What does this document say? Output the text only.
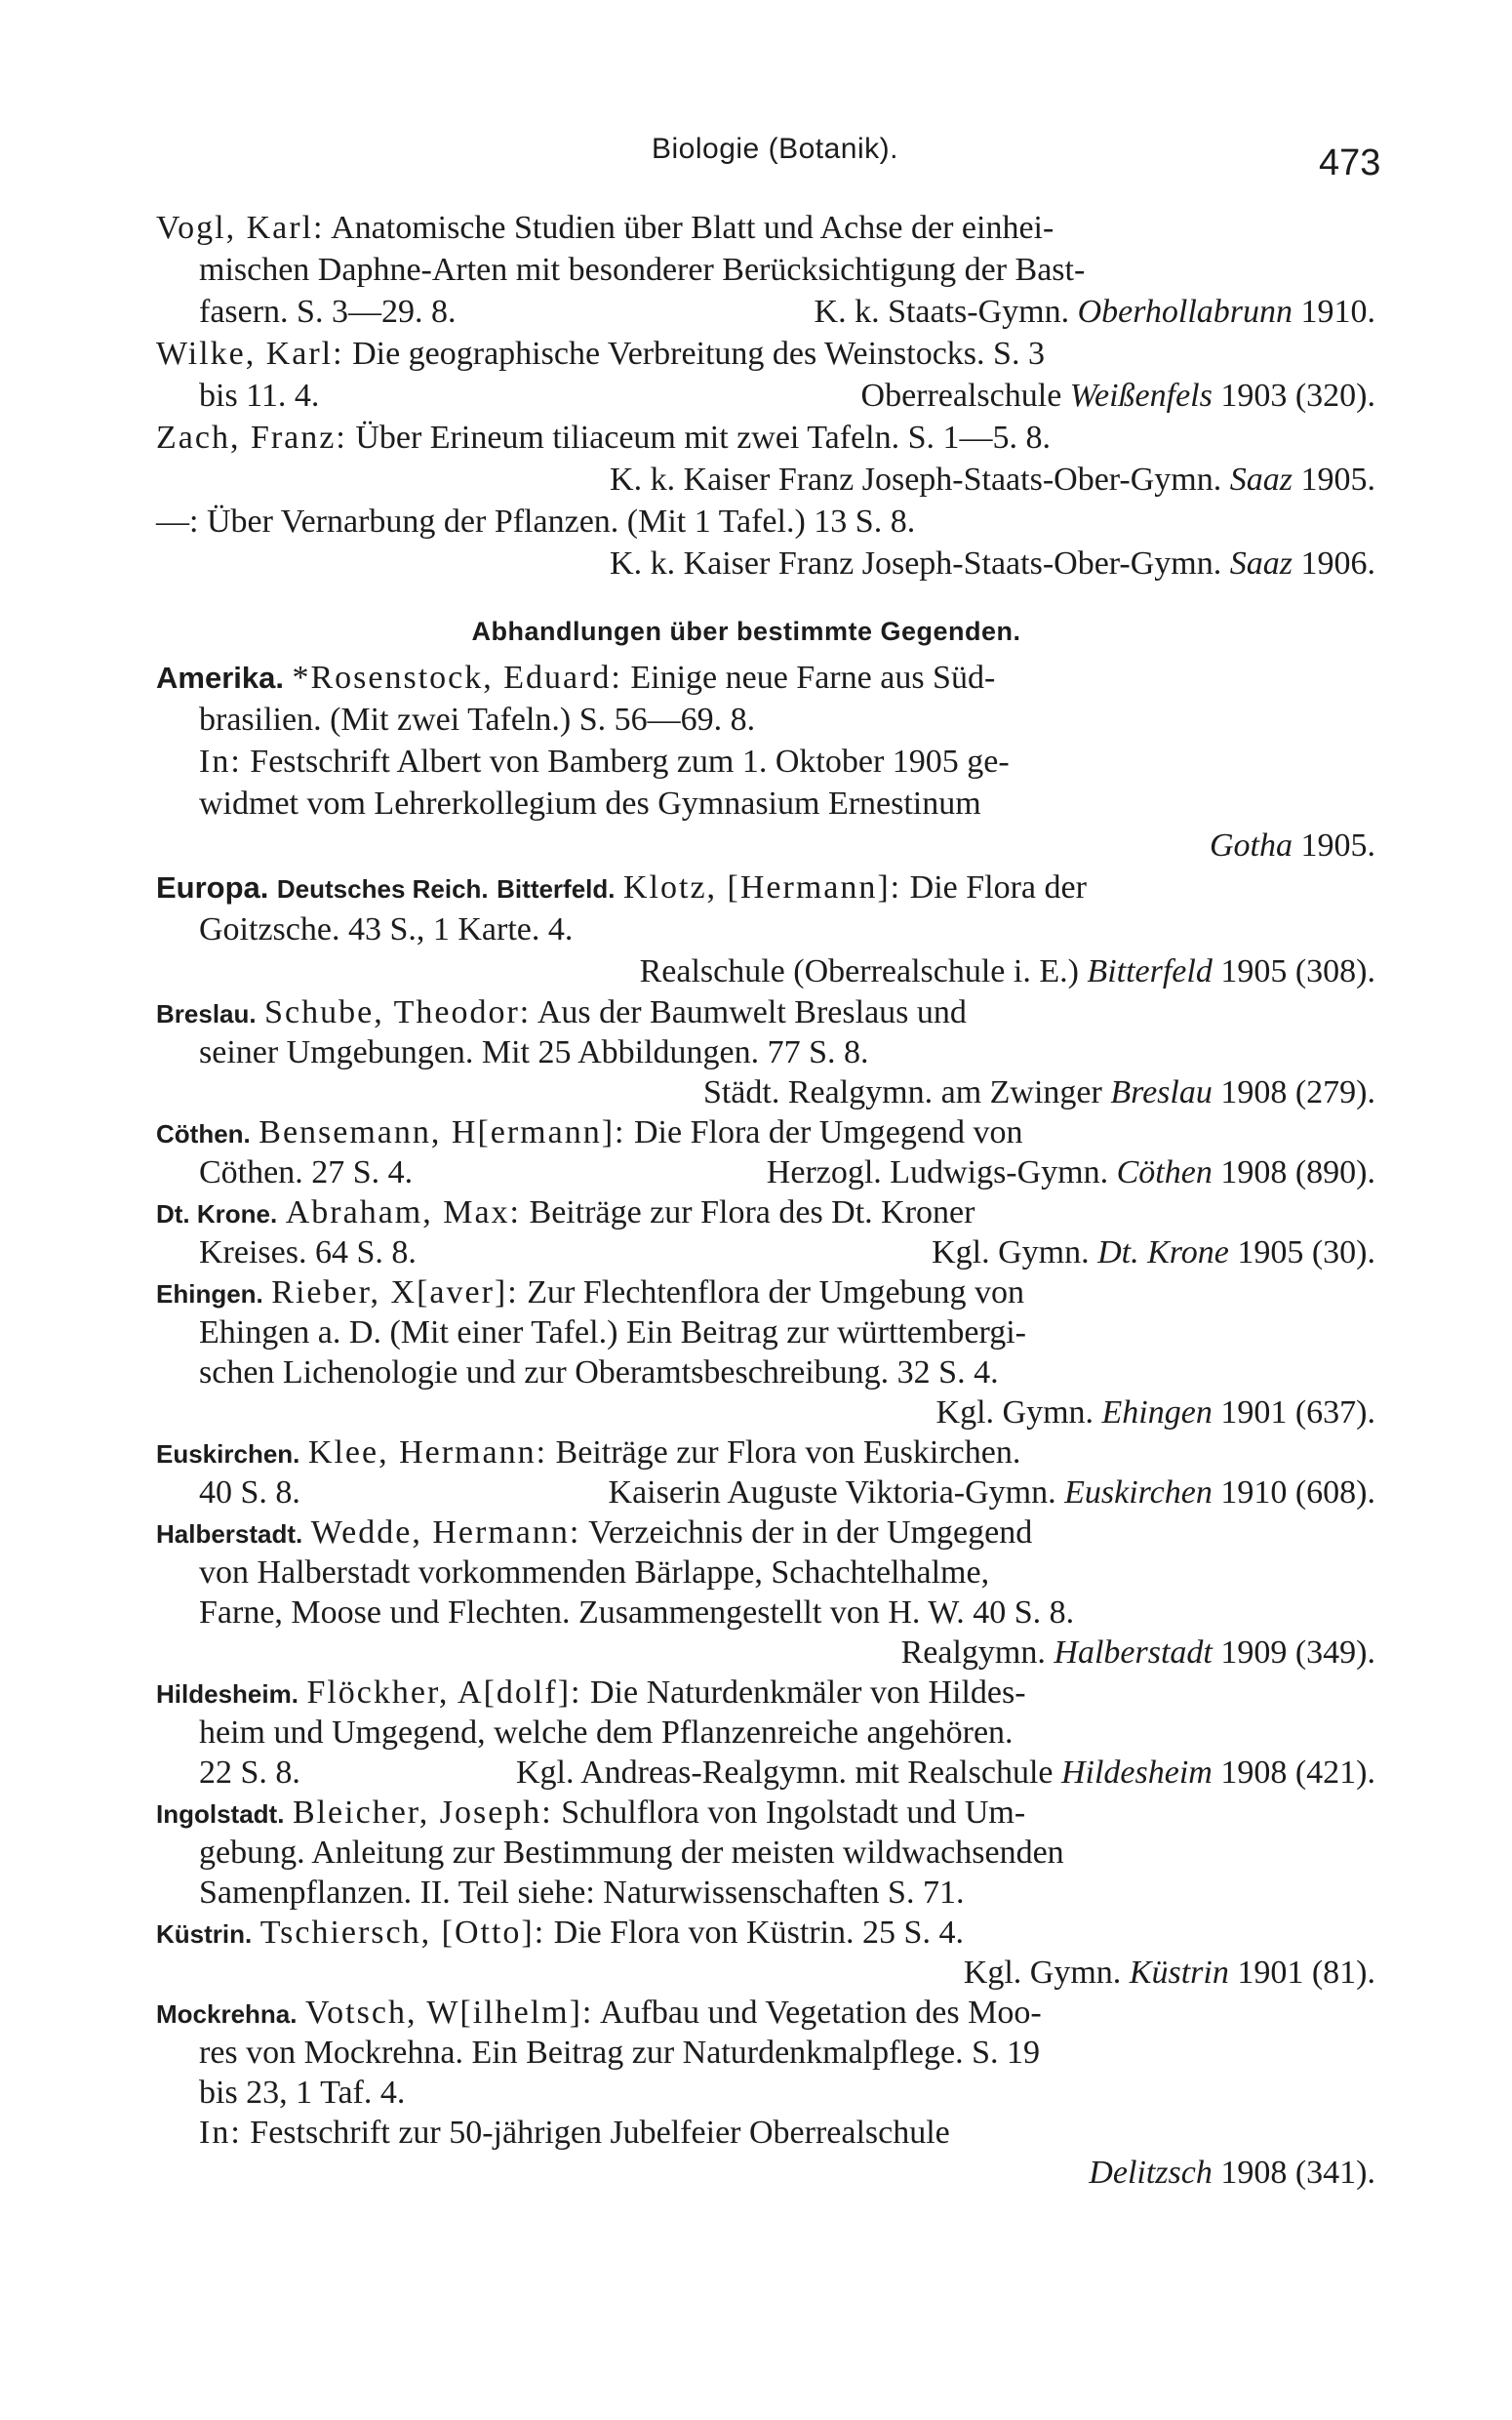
Biologie (Botanik).	473
Vogl, Karl: Anatomische Studien über Blatt und Achse der einhei-
mischen Daphne-Arten mit besonderer Berücksichtigung der Bast-
fasern. S. 3—29. 8.	K. k. Staats-Gymn. Oberhollabrunn 1910.
Wilke, Karl: Die geographische Verbreitung des Weinstocks. S. 3
bis 11. 4.	Oberrealschule Weißenfels 1903 (320).
Zach, Franz: Über Erineum tiliaceum mit zwei Tafeln. S. 1—5. 8.
K. k. Kaiser Franz Joseph-Staats-Ober-Gymn. Saaz 1905.
—: Über Vernarbung der Pflanzen. (Mit 1 Tafel.) 13 S. 8.
K. k. Kaiser Franz Joseph-Staats-Ober-Gymn. Saaz 1906.
Abhandlungen über bestimmte Gegenden.
Amerika. *Rosenstock, Eduard: Einige neue Farne aus Süd-
brasilien. (Mit zwei Tafeln.) S. 56—69. 8.
In: Festschrift Albert von Bamberg zum 1. Oktober 1905 ge-
widmet vom Lehrerkollegium des Gymnasium Ernestinum
Gotha 1905.
Europa. Deutsches Reich. Bitterfeld. Klotz, [Hermann]: Die Flora der
Goitzsche. 43 S., 1 Karte. 4.
Realschule (Oberrealschule i. E.) Bitterfeld 1905 (308).
Breslau. Schube, Theodor: Aus der Baumwelt Breslaus und
seiner Umgebungen. Mit 25 Abbildungen. 77 S. 8.
Städt. Realgymn. am Zwinger Breslau 1908 (279).
Cöthen. Bensemann, H[ermann]: Die Flora der Umgegend von
Cöthen. 27 S. 4.	Herzogl. Ludwigs-Gymn. Cöthen 1908 (890).
Dt. Krone. Abraham, Max: Beiträge zur Flora des Dt. Kroner
Kreises. 64 S. 8.	Kgl. Gymn. Dt. Krone 1905 (30).
Ehingen. Rieber, X[aver]: Zur Flechtenflora der Umgebung von
Ehingen a. D. (Mit einer Tafel.) Ein Beitrag zur württembergi-
schen Lichenologie und zur Oberamtsbeschreibung. 32 S. 4.
Kgl. Gymn. Ehingen 1901 (637).
Euskirchen. Klee, Hermann: Beiträge zur Flora von Euskirchen.
40 S. 8.	Kaiserin Auguste Viktoria-Gymn. Euskirchen 1910 (608).
Halberstadt. Wedde, Hermann: Verzeichnis der in der Umgegend
von Halberstadt vorkommenden Bärlappe, Schachtelhalme,
Farne, Moose und Flechten. Zusammengestellt von H. W. 40 S. 8.
Realgymn. Halberstadt 1909 (349).
Hildesheim. Flöckher, A[dolf]: Die Naturdenkmäler von Hildes-
heim und Umgegend, welche dem Pflanzenreiche angehören.
22 S. 8.	Kgl. Andreas-Realgymn. mit Realschule Hildesheim 1908 (421).
Ingolstadt. Bleicher, Joseph: Schulflora von Ingolstadt und Um-
gebung. Anleitung zur Bestimmung der meisten wildwachsenden
Samenpflanzen. II. Teil siehe: Naturwissenschaften S. 71.
Küstrin. Tschiersch, [Otto]: Die Flora von Küstrin. 25 S. 4.
Kgl. Gymn. Küstrin 1901 (81).
Mockrehna. Votsch, W[ilhelm]: Aufbau und Vegetation des Moo-
res von Mockrehna. Ein Beitrag zur Naturdenkmalpflege. S. 19
bis 23, 1 Taf. 4.
In: Festschrift zur 50-jährigen Jubelfeier Oberrealschule
Delitzsch 1908 (341).
